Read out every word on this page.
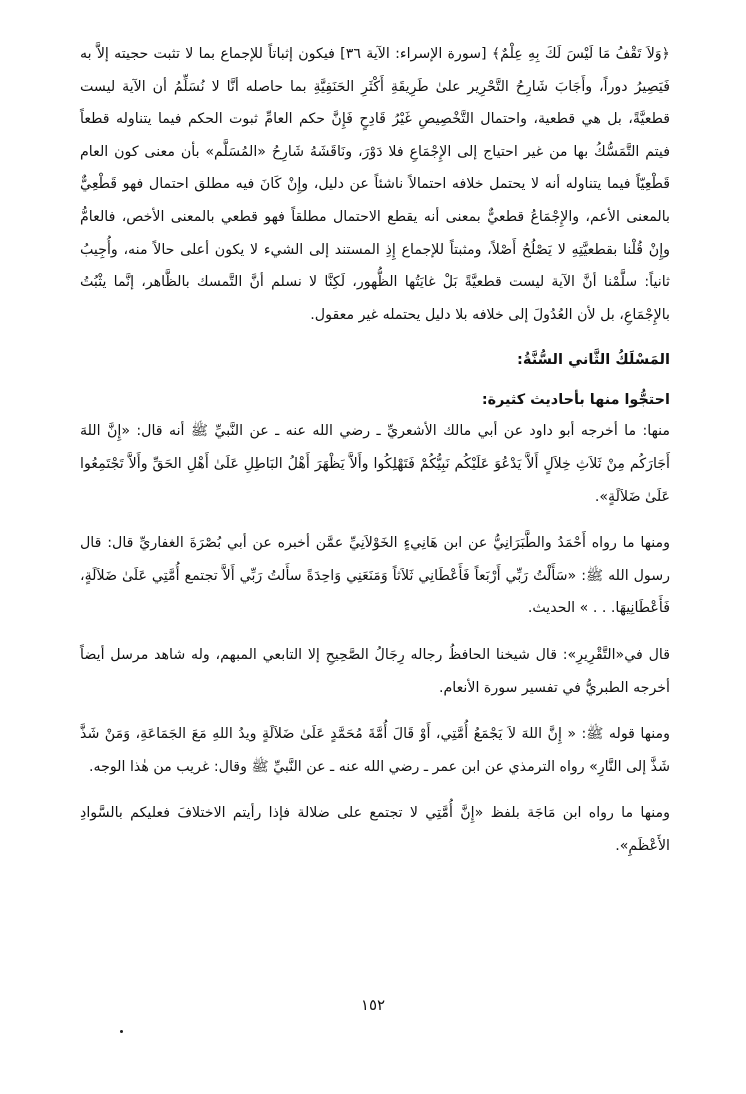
﴿وَلاَ تَقْفُ مَا لَيْسَ لَكَ بِهِ عِلْمٌ﴾ [سورة الإسراء: الآية ٣٦] فيكون إثباتاً للإجماع بما لا تثبت حجيته إلاَّ به فَيَصِيرُ دوراً، وأَجَابَ شَارِحُ التَّحْرِير علىٰ طَرِيقَةِ أَكْثَرِ الحَنَفِيَّةِ بما حاصله أنَّا لا نُسَلِّمُ أن الآية ليست قطعيَّةً، بل هي قطعية، واحتمال التَّخْصِيصِ غَيْرُ قَادِحٍ فَإِنَّ حكم العامِّ ثبوت الحكم فيما يتناوله قطعاً فيتم التَّمَسُّكُ بها من غير احتياج إلى الإِجْمَاعِ فلا دَوْرَ، ونَاقَشَهُ شَارِحُ «المُسَلَّم» بأن معنى كون العام قَطْعِيّاً فيما يتناوله أنه لا يحتمل خلافه احتمالاً ناشئاً عن دليل، وإِنْ كَانَ فيه مطلق احتمال فهو قَطْعِيٌّ بالمعنى الأعم، والإِجْمَاعُ قطعيٌّ بمعنى أنه يقطع الاحتمال مطلقاً فهو قطعي بالمعنى الأخص، فالعامُّ وإِنْ قُلْنا بقطعيَّتِهِ لا يَصْلُحُ أَصْلاً، ومثبتاً للإجماع إِذِ المستند إلى الشيء لا يكون أعلى حالاً منه، وأُجِيبُ ثانياً: سلَّمْنا أنَّ الآية ليست قطعيَّةً بَلْ غايَتُها الظُّهور، لَكِنَّا لا نسلم أنَّ التَّمسك بالظَّاهر، إنَّما يثْبُتُ بالإِجْمَاعِ، بل لأن العُدُولَ إلى خلافه بلا دليل يحتمله غير معقول.

المَسْلَكُ الثَّاني السُّنَّةُ:

احتجُّوا منها بأحاديث كثيرة:

منها: ما أخرجه أبو داود عن أبي مالك الأشعريِّ ـ رضي الله عنه ـ عن النَّبيِّ ﷺ أنه قال: «إِنَّ اللهَ أَجَارَكُم مِنْ ثَلاَثِ خِلاَلٍ أَلاَّ يَدْعُوَ عَلَيْكُم نَبِيُّكُمْ فَتَهْلِكُوا وأَلاَّ يَظْهَرَ أَهْلُ البَاطِلِ عَلَىٰ أَهْلِ الحَقِّ وأَلاَّ تَجْتَمِعُوا عَلَىٰ ضَلاَلَةٍ».

ومنها ما رواه أَحْمَدُ والطَّبَرَانِيُّ عن ابن هَانِيءٍ الخَوْلاَنِيِّ عمَّن أخبره عن أبي بُصْرَةَ الغفاريِّ قال: قال رسول الله ﷺ: «سَأَلْتُ رَبِّي أَرْبَعاً فَأَعْطَانِي ثَلاَثاً وَمَنَعَنِي وَاحِدَةً سأَلتُ رَبِّي أَلاَّ تجتمع أُمَّتِي عَلَىٰ ضَلاَلَةٍ، فَأَعْطَانِيهَا. . . » الحديث.

قال في«التَّقْرِيرِ»: قال شيخنا الحافظُ رجاله رِجَالُ الصَّحِيحِ إلا التابعي المبهم، وله شاهد مرسل أيضاً أخرجه الطبريُّ في تفسير سورة الأنعام.

ومنها قوله ﷺ: « إِنَّ اللهَ لاَ يَجْمَعُ أُمَّتِي، أَوْ قَالَ أُمَّةَ مُحَمَّدٍ عَلَىٰ ضَلاَلَةٍ ويدُ اللهِ مَعَ الجَمَاعَةِ، وَمَنْ شَذَّ شَذَّ إلى النَّارِ» رواه الترمذي عن ابن عمر ـ رضي الله عنه ـ عن النَّبيِّ ﷺ وقال: غريب من هٰذا الوجه.

ومنها ما رواه ابن مَاجَة بلفظ «إِنَّ أُمَّتِي لا تجتمع على ضلالة فإذا رأيتم الاختلافَ فعليكم بالسَّوادِ الأَعْظَمِ».

١٥٢
